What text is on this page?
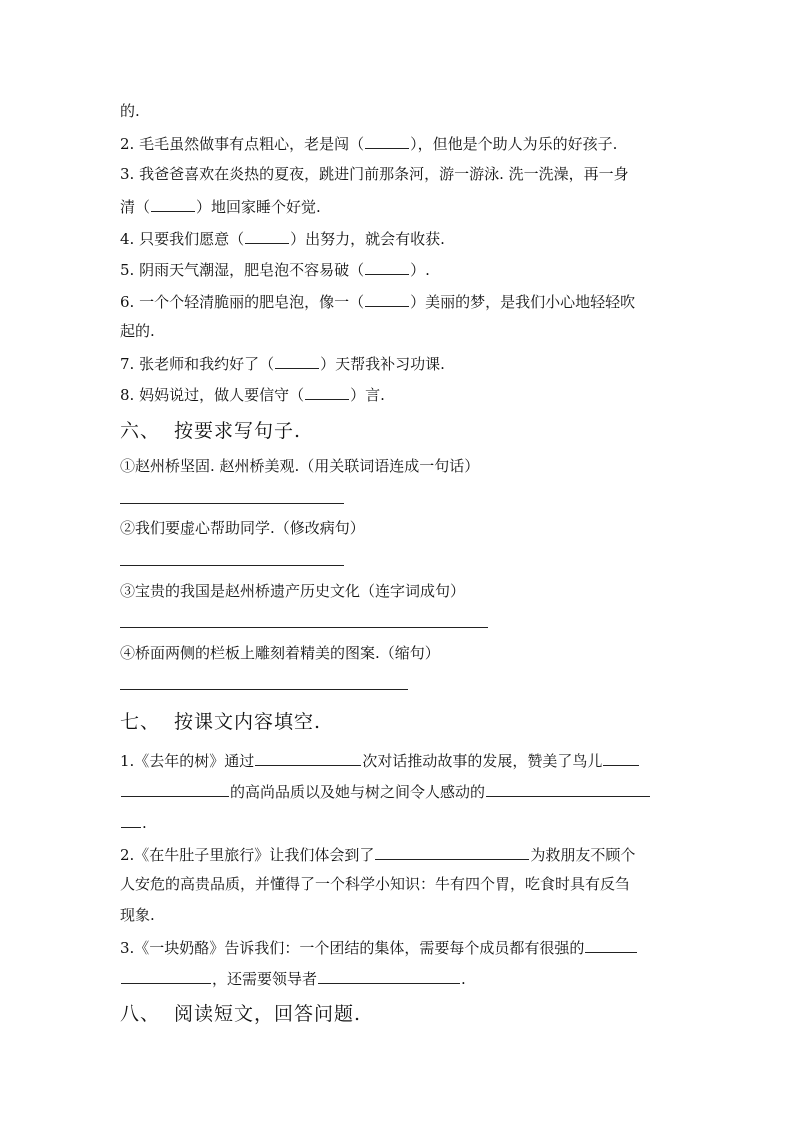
的.
2. 毛毛虽然做事有点粗心，老是闯（	），但他是个助人为乐的好孩子.
3. 我爸爸喜欢在炎热的夏夜，跳进门前那条河，游一游泳. 洗一洗澡，再一身
清（	）地回家睡个好觉.
4. 只要我们愿意（	）出努力，就会有收获.
5. 阴雨天气潮湿，肥皂泡不容易破（	）.
6. 一个个轻清脆丽的肥皂泡，像一（	）美丽的梦，是我们小心地轻轻吹
起的.
7. 张老师和我约好了（	）天帮我补习功课.
8. 妈妈说过，做人要信守（	）言.
六、 按要求写句子.
①赵州桥坚固. 赵州桥美观.（用关联词语连成一句话）
②我们要虚心帮助同学.（修改病句）
③宝贵的我国是赵州桥遗产历史文化（连字词成句）
④桥面两侧的栏板上雕刻着精美的图案.（缩句）
七、 按课文内容填空.
1.《去年的树》通过	次对话推动故事的发展，赞美了鸟儿
的高尚品质以及她与树之间令人感动的
.
2.《在牛肚子里旅行》让我们体会到了	为救朋友不顾个
人安危的高贵品质，并懂得了一个科学小知识：牛有四个胃，吃食时具有反刍
现象.
3.《一块奶酪》告诉我们：一个团结的集体，需要每个成员都有很强的
，还需要领导者	.
八、 阅读短文，回答问题.
